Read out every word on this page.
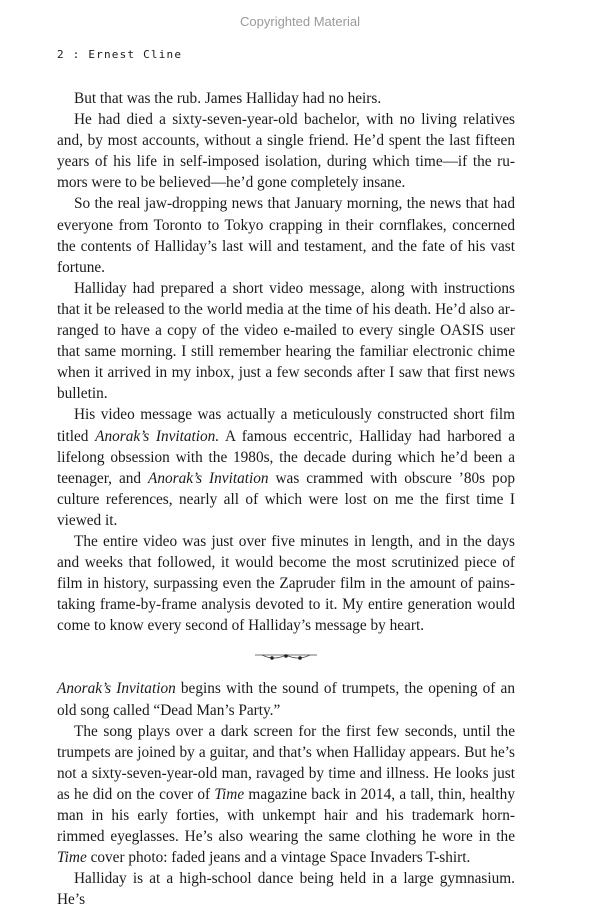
Copyrighted Material
2 : Ernest Cline

But that was the rub. James Halliday had no heirs.

He had died a sixty-seven-year-old bachelor, with no living relatives and, by most accounts, without a single friend. He’d spent the last fifteen years of his life in self-imposed isolation, during which time—if the rumors were to be believed—he’d gone completely insane.

So the real jaw-dropping news that January morning, the news that had everyone from Toronto to Tokyo crapping in their cornflakes, concerned the contents of Halliday’s last will and testament, and the fate of his vast fortune.

Halliday had prepared a short video message, along with instructions that it be released to the world media at the time of his death. He’d also arranged to have a copy of the video e-mailed to every single OASIS user that same morning. I still remember hearing the familiar electronic chime when it arrived in my inbox, just a few seconds after I saw that first news bulletin.

His video message was actually a meticulously constructed short film titled Anorak’s Invitation. A famous eccentric, Halliday had harbored a lifelong obsession with the 1980s, the decade during which he’d been a teenager, and Anorak’s Invitation was crammed with obscure ’80s pop culture references, nearly all of which were lost on me the first time I viewed it.

The entire video was just over five minutes in length, and in the days and weeks that followed, it would become the most scrutinized piece of film in history, surpassing even the Zapruder film in the amount of painstaking frame-by-frame analysis devoted to it. My entire generation would come to know every second of Halliday’s message by heart.

Anorak’s Invitation begins with the sound of trumpets, the opening of an old song called “Dead Man’s Party.”

The song plays over a dark screen for the first few seconds, until the trumpets are joined by a guitar, and that’s when Halliday appears. But he’s not a sixty-seven-year-old man, ravaged by time and illness. He looks just as he did on the cover of Time magazine back in 2014, a tall, thin, healthy man in his early forties, with unkempt hair and his trademark horn-rimmed eyeglasses. He’s also wearing the same clothing he wore in the Time cover photo: faded jeans and a vintage Space Invaders T-shirt.

Halliday is at a high-school dance being held in a large gymnasium. He’s
